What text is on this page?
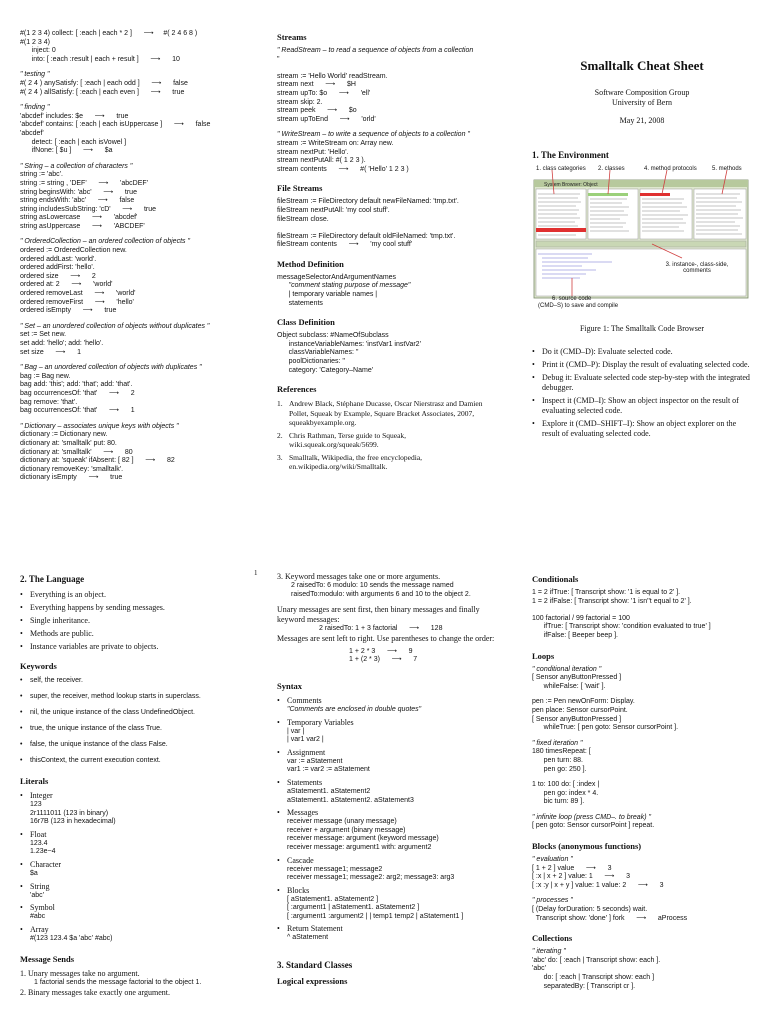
#(1 2 3 4) collect: [ :each | each * 2 ]      ⟶     #( 2 4 6 8 )
#(1 2 3 4)
inject: 0
into: [ :each :result | each + result ]      ⟶      10
" testing "
#( 2 4 ) anySatisfy: [ :each | each odd ]      ⟶      false
#( 2 4 ) allSatisfy: [ :each | each even ]      ⟶      true
" finding "
'abcdef' includes: $e      ⟶      true
'abcdef' contains: [ :each | each isUppercase ]      ⟶      false
'abcdef'
detect: [ :each | each isVowel ]
ifNone: [ $u ]      ⟶      $a
" String – a collection of characters "
string := 'abc'.
string := string , 'DEF'      ⟶      'abcDEF'
string beginsWith: 'abc'      ⟶      true
string endsWith: 'abc'      ⟶      false
string includesSubString: 'cD'      ⟶      true
string asLowercase      ⟶      'abcdef'
string asUppercase      ⟶      'ABCDEF'
" OrderedCollection – an ordered collection of objects "
ordered := OrderedCollection new.
ordered addLast: 'world'.
ordered addFirst: 'hello'.
ordered size      ⟶      2
ordered at: 2      ⟶      'world'
ordered removeLast      ⟶      'world'
ordered removeFirst      ⟶      'hello'
ordered isEmpty      ⟶      true
" Set – an unordered collection of objects without duplicates "
set := Set new.
set add: 'hello'; add: 'hello'.
set size      ⟶      1
" Bag – an unordered collection of objects with duplicates "
bag := Bag new.
bag add: 'this'; add: 'that'; add: 'that'.
bag occurrencesOf: 'that'      ⟶      2
bag remove: 'that'.
bag occurrencesOf: 'that'      ⟶      1
" Dictionary – associates unique keys with objects "
dictionary := Dictionary new.
dictionary at: 'smalltalk' put: 80.
dictionary at: 'smalltalk'      ⟶      80
dictionary at: 'squeak' ifAbsent: [ 82 ]      ⟶      82
dictionary removeKey: 'smalltalk'.
dictionary isEmpty      ⟶      true
Streams
" ReadStream – to read a sequence of objects from a collection
"

stream := 'Hello World' readStream.
stream next      ⟶      $H
stream upTo: $o      ⟶      'ell'
stream skip: 2.
stream peek      ⟶      $o
stream upToEnd      ⟶      'orld'
" WriteStream – to write a sequence of objects to a collection "
stream := WriteStream on: Array new.
stream nextPut: 'Hello'.
stream nextPutAll: #( 1 2 3 ).
stream contents      ⟶      #( 'Hello' 1 2 3 )
File Streams
fileStream := FileDirectory default newFileNamed: 'tmp.txt'.
fileStream nextPutAll: 'my cool stuff'.
fileStream close.

fileStream := FileDirectory default oldFileNamed: 'tmp.txt'.
fileStream contents      ⟶      'my cool stuff'
Method Definition
messageSelectorAndArgumentNames
"comment stating purpose of message"
| temporary variable names |
statements
Class Definition
Object subclass: #NameOfSubclass
instanceVariableNames: 'instVar1 instVar2'
classVariableNames: ''
poolDictionaries: ''
category: 'Category–Name'
References
1. Andrew Black, Stéphane Ducasse, Oscar Nierstrasz and Damien Pollet, Squeak by Example, Square Bracket Associates, 2007, squeakbyexample.org.
2. Chris Rathman, Terse guide to Squeak, wiki.squeak.org/squeak/5699.
3. Smalltalk, Wikipedia, the free encyclopedia, en.wikipedia.org/wiki/Smalltalk.
Smalltalk Cheat Sheet
Software Composition Group
University of Bern
May 21, 2008
1. The Environment
1. class categories 2. classes	4. method protocols	5. methods
System Browser: Object
3. instance-, class-side, comments
6. source code
(CMD–S) to save and compile
Figure 1: The Smalltalk Code Browser
• Do it (CMD–D): Evaluate selected code.
• Print it (CMD–P): Display the result of evaluating selected code.
• Debug it: Evaluate selected code step-by-step with the integrated debugger.
• Inspect it (CMD–I): Show an object inspector on the result of evaluating selected code.
• Explore it (CMD–SHIFT–I): Show an object explorer on the result of evaluating selected code.
1
2. The Language
• Everything is an object.
• Everything happens by sending messages.
• Single inheritance.
• Methods are public.
• Instance variables are private to objects.
Keywords
• self, the receiver.
• super, the receiver, method lookup starts in superclass.
• nil, the unique instance of the class UndefinedObject.
• true, the unique instance of the class True.
• false, the unique instance of the class False.
• thisContext, the current execution context.
Literals
• Integer
123
2r1111011 (123 in binary)
16r7B (123 in hexadecimal)
• Float
123.4
1.23e−4
• Character
$a
• String
'abc'
• Symbol
#abc
• Array
#(123 123.4 $a 'abc' #abc)
Message Sends
1. Unary messages take no argument.
1 factorial sends the message factorial to the object 1.
2. Binary messages take exactly one argument.
3. Keyword messages take one or more arguments.
2 raisedTo: 6 modulo: 10 sends the message named
raisedTo:modulo: with arguments 6 and 10 to the object 2.
Unary messages are sent first, then binary messages and finally keyword messages:
2 raisedTo: 1 + 3 factorial      ⟶      128
Messages are sent left to right. Use parentheses to change the order:
1 + 2 * 3      ⟶      9
1 + (2 * 3)      ⟶      7
Syntax
• Comments
"Comments are enclosed in double quotes"
• Temporary Variables
| var |
| var1 var2 |
• Assignment
var := aStatement
var1 := var2 := aStatement
• Statements
aStatement1. aStatement2
aStatement1. aStatement2. aStatement3
• Messages
receiver message (unary message)
receiver + argument (binary message)
receiver message: argument (keyword message)
receiver message: argument1 with: argument2
• Cascade
receiver message1; message2
receiver message1; message2: arg2; message3: arg3
• Blocks
[ aStatement1. aStatement2 ]
[ :argument1 | aStatement1. aStatement2 ]
[ :argument1 :argument2 | | temp1 temp2 | aStatement1 ]
• Return Statement
^ aStatement
3. Standard Classes
Logical expressions
Conditionals
1 = 2 ifTrue: [ Transcript show: '1 is equal to 2' ].
1 = 2 ifFalse: [ Transcript show: '1 isn''t equal to 2' ].

100 factorial / 99 factorial = 100
ifTrue: [ Transcript show: 'condition evaluated to true' ]
ifFalse: [ Beeper beep ].
Loops
" conditional iteration "
[ Sensor anyButtonPressed ]
whileFalse: [ 'wait' ].
pen := Pen newOnForm: Display.
pen place: Sensor cursorPoint.
[ Sensor anyButtonPressed ]
whileTrue: [ pen goto: Sensor cursorPoint ].
" fixed iteration "
180 timesRepeat: [
pen turn: 88.
pen go: 250 ].
1 to: 100 do: [ :index |
pen go: index * 4.
bic turn: 89 ].
" infinite loop (press CMD–. to break) "
[ pen goto: Sensor cursorPoint ] repeat.
Blocks (anonymous functions)
" evaluation "
[ 1 + 2 ] value      ⟶      3
[ :x | x + 2 ] value: 1      ⟶      3
[ :x :y | x + y ] value: 1 value: 2      ⟶      3
" processes "
[ (Delay forDuration: 5 seconds) wait.
Transcript show: 'done' ] fork      ⟶      aProcess
Collections
" iterating "
'abc' do: [ :each | Transcript show: each ].
'abc'
do: [ :each | Transcript show: each ]
separatedBy: [ Transcript cr ].
